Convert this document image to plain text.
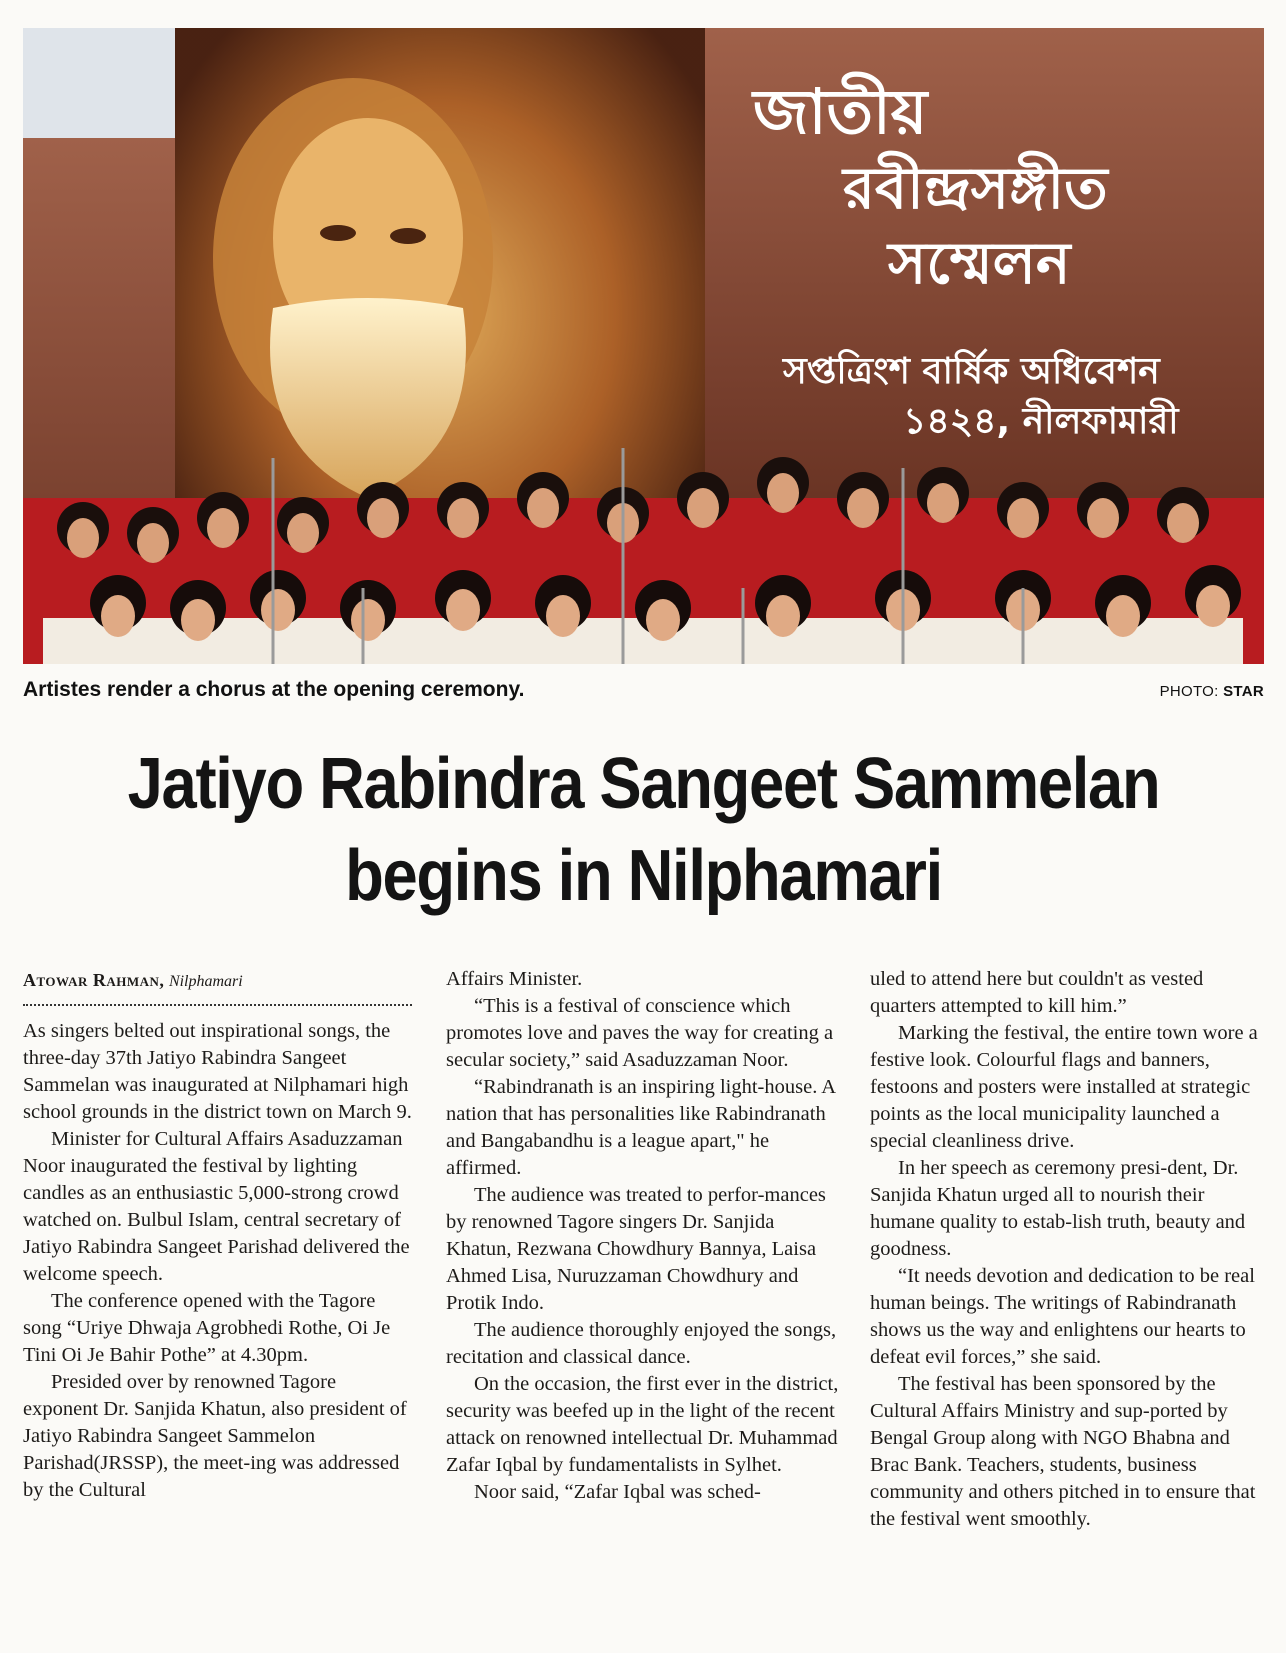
জাতীয়
রবীন্দ্রসঙ্গীত
সম্মেলন
সপ্তত্রিংশ বার্ষিক অধিবেশন
১৪২৪, নীলফামারী
Artistes render a chorus at the opening ceremony.	PHOTO: STAR
Jatiyo Rabindra Sangeet Sammelan
begins in Nilphamari
Atowar Rahman, Nilphamari

As singers belted out inspirational songs, the three-day 37th Jatiyo Rabindra Sangeet Sammelan was inaugurated at Nilphamari high school grounds in the district town on March 9.

Minister for Cultural Affairs Asaduzzaman Noor inaugurated the festival by lighting candles as an enthusiastic 5,000-strong crowd watched on. Bulbul Islam, central secretary of Jatiyo Rabindra Sangeet Parishad delivered the welcome speech.

The conference opened with the Tagore song “Uriye Dhwaja Agrobhedi Rothe, Oi Je Tini Oi Je Bahir Pothe” at 4.30pm.

Presided over by renowned Tagore exponent Dr. Sanjida Khatun, also president of Jatiyo Rabindra Sangeet Sammelon Parishad(JRSSP), the meet-ing was addressed by the Cultural

Affairs Minister.

“This is a festival of conscience which promotes love and paves the way for creating a secular society,” said Asaduzzaman Noor.

“Rabindranath is an inspiring light-house. A nation that has personalities like Rabindranath and Bangabandhu is a league apart," he affirmed.

The audience was treated to perfor-mances by renowned Tagore singers Dr. Sanjida Khatun, Rezwana Chowdhury Bannya, Laisa Ahmed Lisa, Nuruzzaman Chowdhury and Protik Indo.

The audience thoroughly enjoyed the songs, recitation and classical dance.

On the occasion, the first ever in the district, security was beefed up in the light of the recent attack on renowned intellectual Dr. Muhammad Zafar Iqbal by fundamentalists in Sylhet.

Noor said, “Zafar Iqbal was sched-

uled to attend here but couldn't as vested quarters attempted to kill him.”

Marking the festival, the entire town wore a festive look. Colourful flags and banners, festoons and posters were installed at strategic points as the local municipality launched a special cleanliness drive.

In her speech as ceremony presi-dent, Dr. Sanjida Khatun urged all to nourish their humane quality to estab-lish truth, beauty and goodness.

“It needs devotion and dedication to be real human beings. The writings of Rabindranath shows us the way and enlightens our hearts to defeat evil forces,” she said.

The festival has been sponsored by the Cultural Affairs Ministry and sup-ported by Bengal Group along with NGO Bhabna and Brac Bank. Teachers, students, business community and others pitched in to ensure that the festival went smoothly.
